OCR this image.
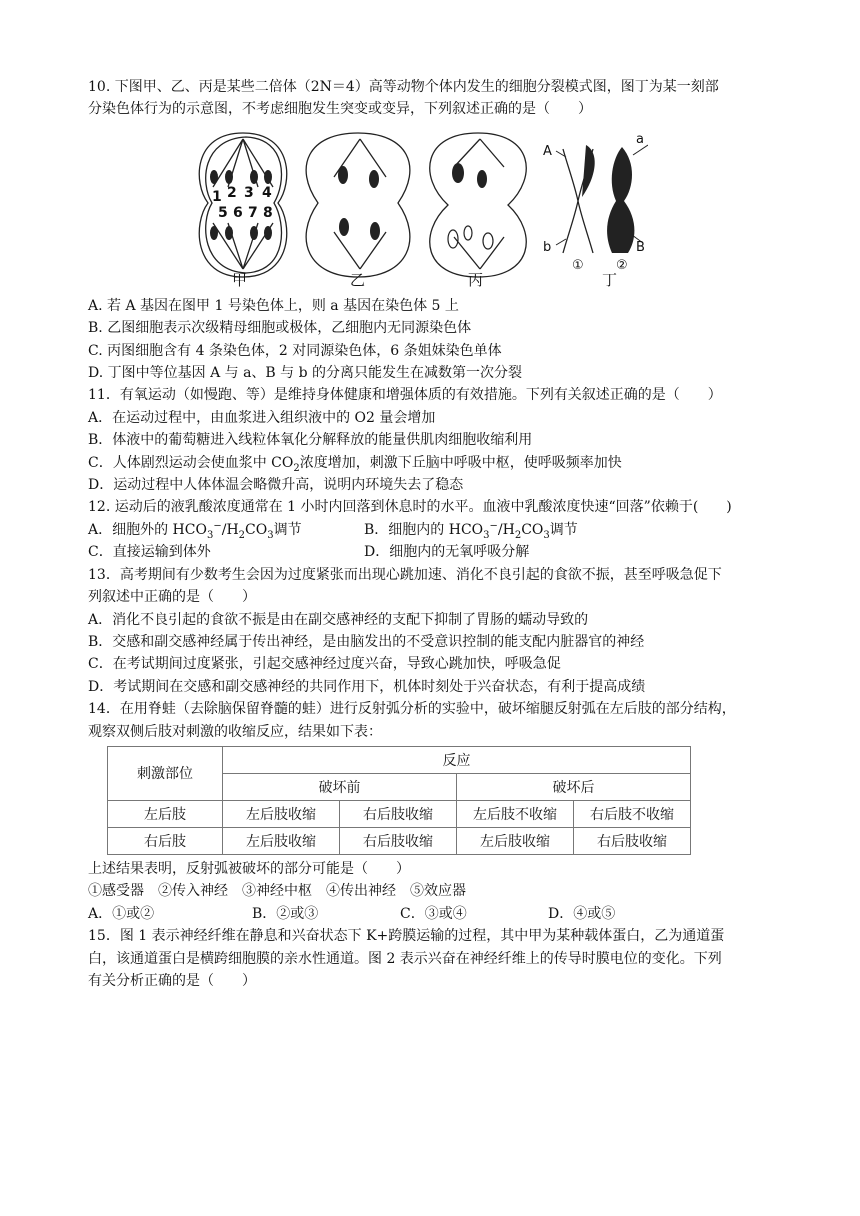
10. 下图甲、乙、丙是某些二倍体（2N＝4）高等动物个体内发生的细胞分裂模式图，图丁为某一刻部
分染色体行为的示意图，不考虑细胞发生突变或变异，下列叙述正确的是（　　）
1 2 3 4
5 6 7 8
A
a
b	B
① ②
甲	乙	丙	丁
A. 若 A 基因在图甲 1 号染色体上，则 a 基因在染色体 5 上
B. 乙图细胞表示次级精母细胞或极体，乙细胞内无同源染色体
C. 丙图细胞含有 4 条染色体，2 对同源染色体，6 条姐妹染色单体
D. 丁图中等位基因 A 与 a、B 与 b 的分离只能发生在减数第一次分裂
11．有氧运动（如慢跑、等）是维持身体健康和增强体质的有效措施。下列有关叙述正确的是（　　）
A．在运动过程中，由血浆进入组织液中的 O2 量会增加
B．体液中的葡萄糖进入线粒体氧化分解释放的能量供肌肉细胞收缩利用
C．人体剧烈运动会使血浆中 $CO_2$浓度增加，刺激下丘脑中呼吸中枢，使呼吸频率加快
D．运动过程中人体体温会略微升高，说明内环境失去了稳态
12. 运动后的液乳酸浓度通常在 1 小时内回落到休息时的水平。血液中乳酸浓度快速“回落”依赖于(　　)
A．细胞外的 $HCO_3^-/H_2CO_3$调节	B．细胞内的 $HCO_3^-/H_2CO_3$调节
C．直接运输到体外	D．细胞内的无氧呼吸分解
13．高考期间有少数考生会因为过度紧张而出现心跳加速、消化不良引起的食欲不振，甚至呼吸急促下
列叙述中正确的是（　　）
A．消化不良引起的食欲不振是由在副交感神经的支配下抑制了胃肠的蠕动导致的
B．交感和副交感神经属于传出神经，是由脑发出的不受意识控制的能支配内脏器官的神经
C．在考试期间过度紧张，引起交感神经过度兴奋，导致心跳加快，呼吸急促
D．考试期间在交感和副交感神经的共同作用下，机体时刻处于兴奋状态，有利于提高成绩
14．在用脊蛙（去除脑保留脊髓的蛙）进行反射弧分析的实验中，破坏缩腿反射弧在左后肢的部分结构，
观察双侧后肢对刺激的收缩反应，结果如下表：
刺激部位	反应			
	破坏前		破坏后	
左后肢	左后肢收缩	右后肢收缩	左后肢不收缩	右后肢不收缩
右后肢	左后肢收缩	右后肢收缩	左后肢收缩	右后肢收缩
上述结果表明，反射弧被破坏的部分可能是（　　）
①感受器　②传入神经　③神经中枢　④传出神经　⑤效应器
A．①或②	B．②或③	C．③或④	D．④或⑤
15．图 1 表示神经纤维在静息和兴奋状态下 K+跨膜运输的过程，其中甲为某种载体蛋白，乙为通道蛋
白，该通道蛋白是横跨细胞膜的亲水性通道。图 2 表示兴奋在神经纤维上的传导时膜电位的变化。下列
有关分析正确的是（　　）
